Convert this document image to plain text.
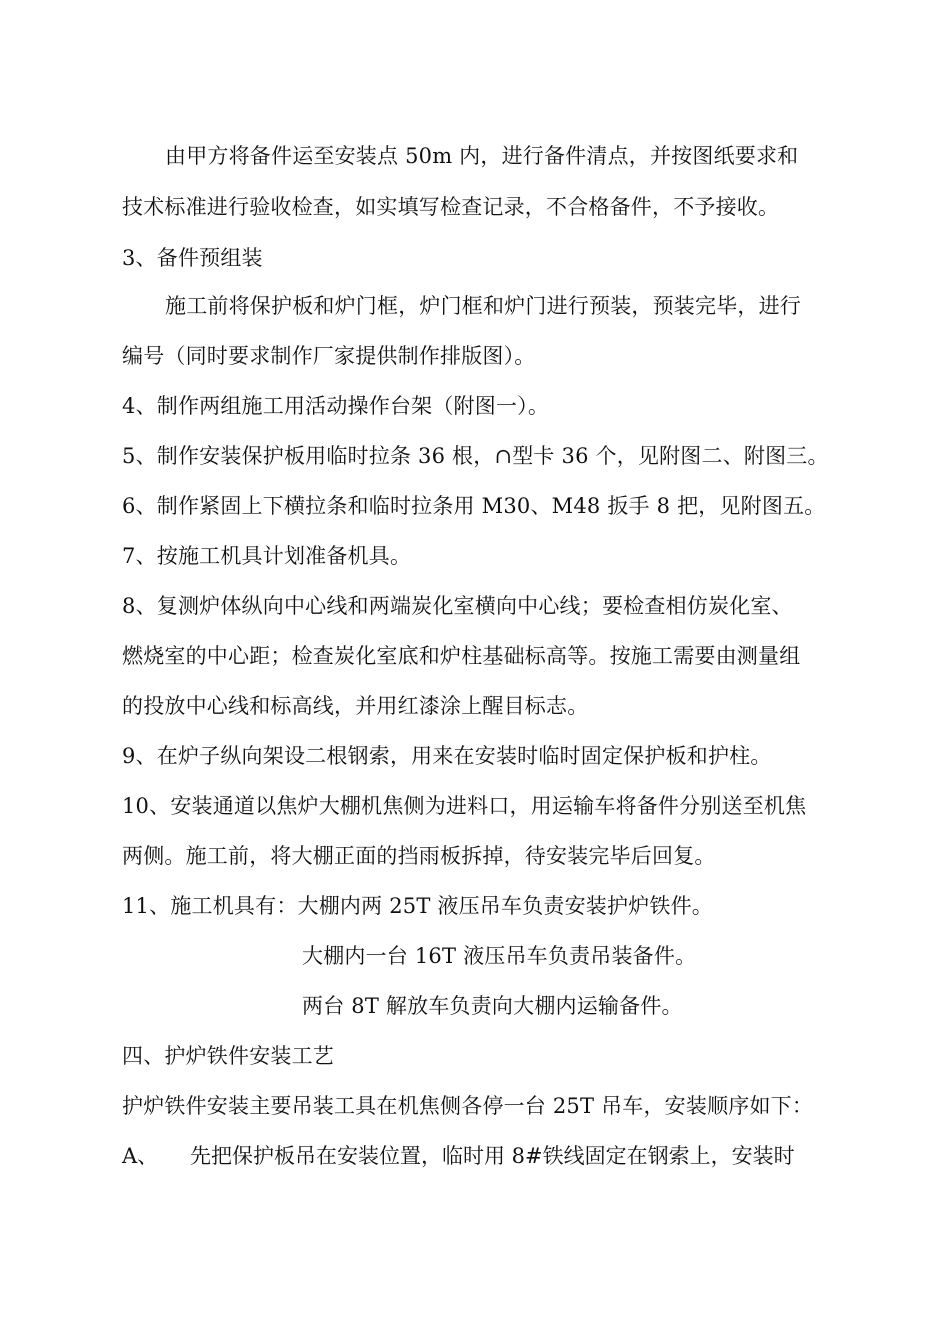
由甲方将备件运至安装点 50m 内，进行备件清点，并按图纸要求和
技术标准进行验收检查，如实填写检查记录，不合格备件，不予接收。
3、备件预组装
施工前将保护板和炉门框，炉门框和炉门进行预装，预装完毕，进行
编号（同时要求制作厂家提供制作排版图）。
4、制作两组施工用活动操作台架（附图一）。
5、制作安装保护板用临时拉条 36 根，∩型卡 36 个，见附图二、附图三。
6、制作紧固上下横拉条和临时拉条用 M30、M48 扳手 8 把，见附图五。
7、按施工机具计划准备机具。
8、复测炉体纵向中心线和两端炭化室横向中心线；要检查相仿炭化室、
燃烧室的中心距；检查炭化室底和炉柱基础标高等。按施工需要由测量组
的投放中心线和标高线，并用红漆涂上醒目标志。
9、在炉子纵向架设二根钢索，用来在安装时临时固定保护板和护柱。
10、安装通道以焦炉大棚机焦侧为进料口，用运输车将备件分别送至机焦
两侧。施工前，将大棚正面的挡雨板拆掉，待安装完毕后回复。
11、施工机具有：大棚内两 25T 液压吊车负责安装护炉铁件。
大棚内一台 16T 液压吊车负责吊装备件。
两台 8T 解放车负责向大棚内运输备件。
四、护炉铁件安装工艺
护炉铁件安装主要吊装工具在机焦侧各停一台 25T 吊车，安装顺序如下：
A、 先把保护板吊在安装位置，临时用 8#铁线固定在钢索上，安装时
